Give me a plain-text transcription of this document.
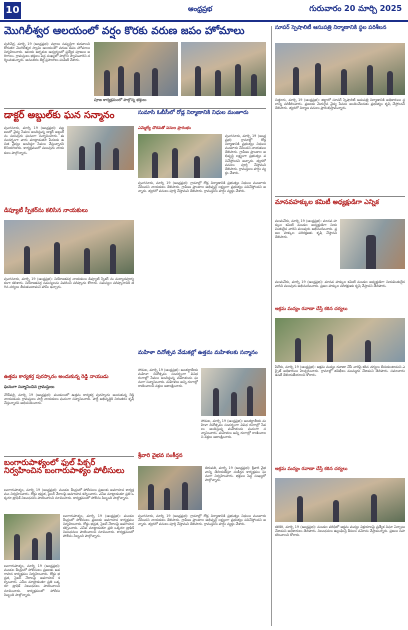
10	ఆంధ్రప్రభ	గురువారం 20 మార్చి 2025
మొగిలీశ్వర ఆలయంలో వర్షం కొరకు వరుణ జపం హోమాలు
పులిచెర్ల, మార్చి 19 (ఆంధ్రప్రభ): వర్షాలు సమృద్ధిగా కురవాలని కోరుతూ మొగిలీశ్వర స్వామి ఆలయంలో వరుణ జపం హోమాలు నిర్వహించారు. ఆలయ అర్చకుల ఆధ్వర్యంలో ప్రత్యేక పూజలు జరిగాయి. గ్రామస్తులు భక్తులు పెద్ద సంఖ్యలో పాల్గొని స్వామివారిని దర్శించుకున్నారు. అనంతరం తీర్థ ప్రసాదాలు పంపిణీ చేశారు.
పూజ కార్యక్రమంలో పాల్గొన్న భక్తులు
డాక్టర్ అబ్దుల్‌కు ఘన సన్మానం
పుంగనూరు, మార్చి 19 (ఆంధ్రప్రభ): పట్టణంలో వైద్య సేవలు అందిస్తున్న డాక్టర్ అబ్దుల్ ను పలువురు ఘనంగా సన్మానించారు. ఈ సందర్భంగా వారు మాట్లాడుతూ పేదలకు ఉచిత వైద్యం అందిస్తూ సేవలు చేస్తున్నారని కొనియాడారు. కార్యక్రమంలో పలువురు నాయకులు పాల్గొన్నారు.
సుమాసి ఓబీసీలో రోడ్ల నిర్మాణానికి నిధుల మంజూరు
ఎమ్మెల్యే చొరవతో పనుల ప్రారంభం
పుంగనూరు, మార్చి 19 (ఆంధ్రప్రభ): గ్రామాల్లో రోడ్ల నిర్మాణానికి ప్రభుత్వం నిధులు మంజూరు చేసిందని నాయకులు తెలిపారు. గ్రామీణ ప్రాంతాల అభివృద్ధి లక్ష్యంగా ప్రభుత్వం పనిచేస్తోందని అన్నారు. త్వరలో పనులు పూర్తి చేస్తామని తెలిపారు. గ్రామస్తులు హర్షం వ్యక్తం చేశారు.
పుంగనూరు, మార్చి 19 (ఆంధ్రప్రభ): గ్రామాల్లో రోడ్ల నిర్మాణానికి ప్రభుత్వం నిధులు మంజూరు చేసిందని నాయకులు తెలిపారు. గ్రామీణ ప్రాంతాల అభివృద్ధి లక్ష్యంగా ప్రభుత్వం పనిచేస్తోందని అన్నారు. త్వరలో పనులు పూర్తి చేస్తామని తెలిపారు. గ్రామస్తులు హర్షం వ్యక్తం చేశారు.
డిప్యూటీ స్పీకర్‌ను కలిసిన నాయకులు
పుంగనూరు, మార్చి 19 (ఆంధ్రప్రభ): నియోజకవర్గ నాయకులు డిప్యూటీ స్పీకర్ ను మర్యాదపూర్వకంగా కలిశారు. నియోజకవర్గ సమస్యలను వివరించి పరిష్కారం కోరారు. సమస్యల పరిష్కారానికి తగిన చర్యలు తీసుకుంటామని హామీ ఇచ్చారు.
ఉత్తమ కార్యకర్త పురస్కారం అందుకున్న రెడ్డి నాయుడు
ఘనంగా సన్మానించిన గ్రామస్తులు
చౌడేపల్లి, మార్చి 19 (ఆంధ్రప్రభ): మండలంలో ఉత్తమ కార్యకర్త పురస్కారం అందుకున్న రెడ్డి నాయుడును గ్రామస్తులు పార్టీ నాయకులు ఘనంగా సన్మానించారు. పార్టీ అభివృద్ధికి నిరంతరం కృషి చేస్తున్నారని అభినందించారు.
మహిళా దినోత్సవ వేడుకల్లో ఉత్తమ మహిళలకు సన్మానం
సోమల, మార్చి 19 (ఆంధ్రప్రభ): అంతర్జాతీయ మహిళా దినోత్సవం సందర్భంగా వివిధ రంగాల్లో సేవలు అందిస్తున్న మహిళలను ఘనంగా సన్మానించారు. మహిళలు అన్ని రంగాల్లో రాణించాలని వక్తలు ఆకాంక్షించారు.
సోమల, మార్చి 19 (ఆంధ్రప్రభ): అంతర్జాతీయ మహిళా దినోత్సవం సందర్భంగా వివిధ రంగాల్లో సేవలు అందిస్తున్న మహిళలను ఘనంగా సన్మానించారు. మహిళలు అన్ని రంగాల్లో రాణించాలని వక్తలు ఆకాంక్షించారు.
బంగారుపాళ్యంలో ఫుల్ పిక్చర్ నిర్వహించిన బంగారుపాళ్యం పోలీసులు
బంగారుపాళ్యం, మార్చి 19 (ఆంధ్రప్రభ): మండల కేంద్రంలో పోలీసులు ప్రజలకు అవగాహన కార్యక్రమం నిర్వహించారు. రోడ్డు భద్రత, సైబర్ నేరాలపై అవగాహన కల్పించారు. ఎస్ఐ మాట్లాడుతూ ప్రతి ఒక్కరూ ట్రాఫిక్ నిబంధనలు పాటించాలని సూచించారు. కార్యక్రమంలో పోలీసు సిబ్బంది పాల్గొన్నారు.
బంగారుపాళ్యం, మార్చి 19 (ఆంధ్రప్రభ): మండల కేంద్రంలో పోలీసులు ప్రజలకు అవగాహన కార్యక్రమం నిర్వహించారు. రోడ్డు భద్రత, సైబర్ నేరాలపై అవగాహన కల్పించారు. ఎస్ఐ మాట్లాడుతూ ప్రతి ఒక్కరూ ట్రాఫిక్ నిబంధనలు పాటించాలని సూచించారు. కార్యక్రమంలో పోలీసు సిబ్బంది పాల్గొన్నారు.
బంగారుపాళ్యం, మార్చి 19 (ఆంధ్రప్రభ): మండల కేంద్రంలో పోలీసులు ప్రజలకు అవగాహన కార్యక్రమం నిర్వహించారు. రోడ్డు భద్రత, సైబర్ నేరాలపై అవగాహన కల్పించారు. ఎస్ఐ మాట్లాడుతూ ప్రతి ఒక్కరూ ట్రాఫిక్ నిబంధనలు పాటించాలని సూచించారు. కార్యక్రమంలో పోలీసు సిబ్బంది పాల్గొన్నారు.
శ్రీవారి వైభవ సంకీర్తన
తిరుపతి, మార్చి 19 (ఆంధ్రప్రభ): శ్రీవారి వైభవాన్ని తెలియజేస్తూ సంకీర్తన కార్యక్రమం ఘనంగా నిర్వహించారు. భక్తులు పెద్ద సంఖ్యలో పాల్గొన్నారు.
పుంగనూరు, మార్చి 19 (ఆంధ్రప్రభ): గ్రామాల్లో రోడ్ల నిర్మాణానికి ప్రభుత్వం నిధులు మంజూరు చేసిందని నాయకులు తెలిపారు. గ్రామీణ ప్రాంతాల అభివృద్ధి లక్ష్యంగా ప్రభుత్వం పనిచేస్తోందని అన్నారు. త్వరలో పనులు పూర్తి చేస్తామని తెలిపారు. గ్రామస్తులు హర్షం వ్యక్తం చేశారు.
సూపర్ స్పెషాలిటీ ఆసుపత్రి నిర్మాణానికి స్థల పరిశీలన
చిత్తూరు, మార్చి 19 (ఆంధ్రప్రభ): జిల్లాలో సూపర్ స్పెషాలిటీ ఆసుపత్రి నిర్మాణానికి అధికారులు స్థలాన్ని పరిశీలించారు. ప్రజలకు మెరుగైన వైద్య సేవలు అందించేందుకు ప్రభుత్వం కృషి చేస్తోందని తెలిపారు. త్వరలో నిర్మాణ పనులు ప్రారంభిస్తామన్నారు.
మానవహక్కుల కమిటీ అధ్యక్షుడిగా ఎన్నిక
పలమనేరు, మార్చి 19 (ఆంధ్రప్రభ): మానవ హక్కుల కమిటీ మండల అధ్యక్షుడిగా నియమితులైన వారిని పలువురు అభినందించారు. ప్రజల హక్కుల పరిరక్షణకు కృషి చేస్తానని తెలిపారు.
పలమనేరు, మార్చి 19 (ఆంధ్రప్రభ): మానవ హక్కుల కమిటీ మండల అధ్యక్షుడిగా నియమితులైన వారిని పలువురు అభినందించారు. ప్రజల హక్కుల పరిరక్షణకు కృషి చేస్తానని తెలిపారు.
అక్రమ మద్యం రవాణా చేస్తే కఠిన చర్యలు
పీలేరు, మార్చి 19 (ఆంధ్రప్రభ): అక్రమ మద్యం రవాణా చేసే వారిపై కఠిన చర్యలు తీసుకుంటామని ఎక్సైజ్ అధికారులు హెచ్చరించారు. గ్రామాల్లో తనిఖీలు ముమ్మరం చేశామని తెలిపారు. సమాచారం ఉంటే తెలియజేయాలని కోరారు.
అక్రమ మద్యం రవాణా చేస్తే కఠిన చర్యలు
కలికిరి, మార్చి 19 (ఆంధ్రప్రభ): మండల పరిధిలో అక్రమ మద్యం విక్రయాలపై ప్రత్యేక నిఘా ఏర్పాటు చేశామని అధికారులు తెలిపారు. నిబంధనలు ఉల్లంఘిస్తే కేసులు నమోదు చేస్తామన్నారు. ప్రజలు సహకరించాలని కోరారు.
